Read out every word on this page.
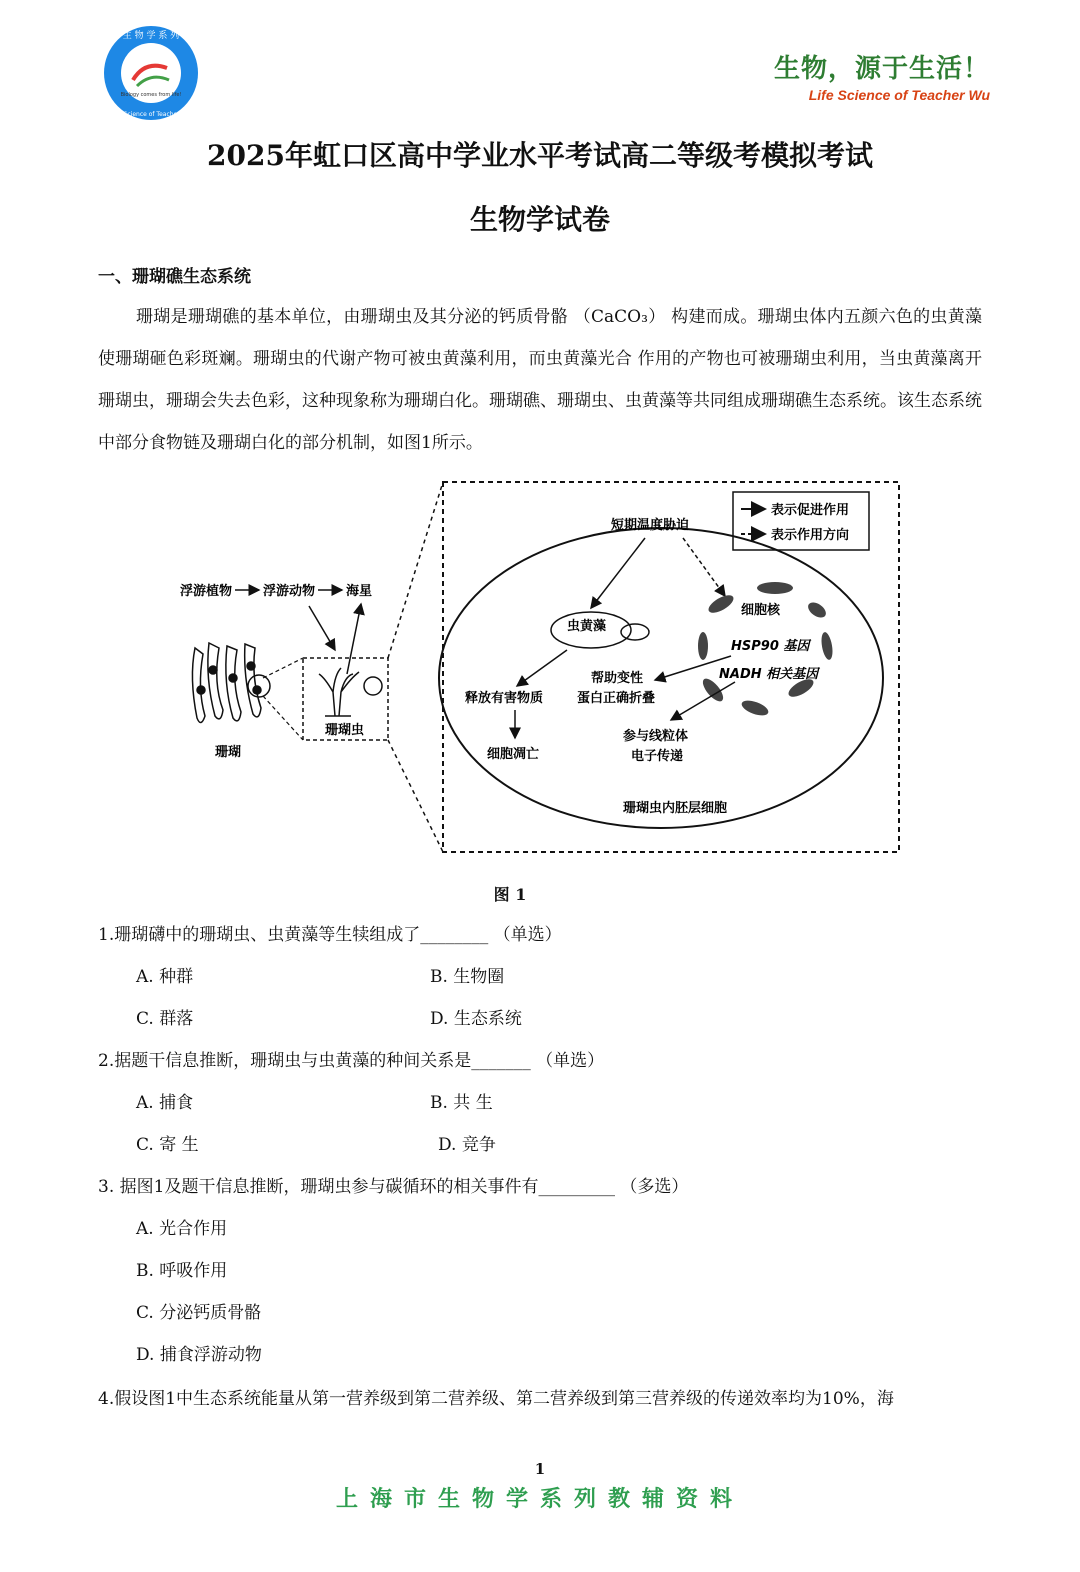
Biology comes from life!
生 物 学 系 列
Life Science of Teacher Wu
生物，源于生活！
Life Science of Teacher Wu
2025年虹口区高中学业水平考试高二等级考模拟考试
生物学试卷
一、珊瑚礁生态系统
珊瑚是珊瑚礁的基本单位，由珊瑚虫及其分泌的钙质骨骼 （CaCO₃） 构建而成。珊瑚虫体内五颜六色的虫黄藻使珊瑚砸色彩斑斓。珊瑚虫的代谢产物可被虫黄藻利用，而虫黄藻光合 作用的产物也可被珊瑚虫利用，当虫黄藻离开珊瑚虫，珊瑚会失去色彩，这种现象称为珊瑚白化。珊瑚礁、珊瑚虫、虫黄藻等共同组成珊瑚礁生态系统。该生态系统中部分食物链及珊瑚白化的部分机制，如图1所示。
表示促进作用
表示作用方向
浮游植物 浮游动物 海星
珊瑚
珊瑚虫
短期温度胁迫
虫黄藻
细胞核
HSP90 基因
NADH 相关基因
释放有害物质
细胞凋亡
帮助变性
蛋白正确折叠
参与线粒体
电子传递
珊瑚虫内胚层细胞
图 1
1.珊瑚礴中的珊瑚虫、虫黄藻等生犊组成了________ （单选）
A. 种群	B. 生物圈
C. 群落	D. 生态系统
2.据题干信息推断，珊瑚虫与虫黄藻的种间关系是_______ （单选）
A. 捕食	B. 共 生
C. 寄 生	D. 竞争
3. 据图1及题干信息推断，珊瑚虫参与碳循环的相关事件有_________ （多选）
A. 光合作用
B. 呼吸作用
C. 分泌钙质骨骼
D. 捕食浮游动物
4.假设图1中生态系统能量从第一营养级到第二营养级、第二营养级到第三营养级的传递效率均为10%，海
1
上海市生物学系列教辅资料
